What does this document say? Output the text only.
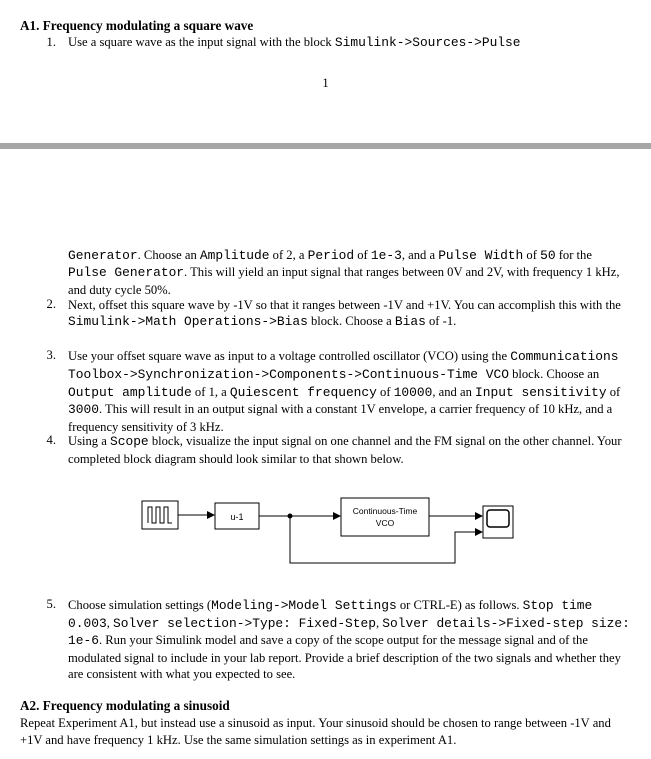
A1. Frequency modulating a square wave
1. Use a square wave as the input signal with the block Simulink->Sources->Pulse
1
Generator. Choose an Amplitude of 2, a Period of 1e-3, and a Pulse Width of 50 for the Pulse Generator. This will yield an input signal that ranges between 0V and 2V, with frequency 1 kHz, and duty cycle 50%.
2. Next, offset this square wave by -1V so that it ranges between -1V and +1V. You can accomplish this with the Simulink->Math Operations->Bias block. Choose a Bias of -1.
3. Use your offset square wave as input to a voltage controlled oscillator (VCO) using the Communications Toolbox->Synchronization->Components->Continuous-Time VCO block. Choose an Output amplitude of 1, a Quiescent frequency of 10000, and an Input sensitivity of 3000. This will result in an output signal with a constant 1V envelope, a carrier frequency of 10 kHz, and a frequency sensitivity of 3 kHz.
4. Using a Scope block, visualize the input signal on one channel and the FM signal on the other channel. Your completed block diagram should look similar to that shown below.
u-1
Continuous-Time
VCO
5. Choose simulation settings (Modeling->Model Settings or CTRL-E) as follows. Stop time 0.003, Solver selection->Type: Fixed-Step, Solver details->Fixed-step size: 1e-6. Run your Simulink model and save a copy of the scope output for the message signal and of the modulated signal to include in your lab report. Provide a brief description of the two signals and whether they are consistent with what you expected to see.
A2. Frequency modulating a sinusoid
Repeat Experiment A1, but instead use a sinusoid as input. Your sinusoid should be chosen to range between -1V and +1V and have frequency 1 kHz. Use the same simulation settings as in experiment A1.
